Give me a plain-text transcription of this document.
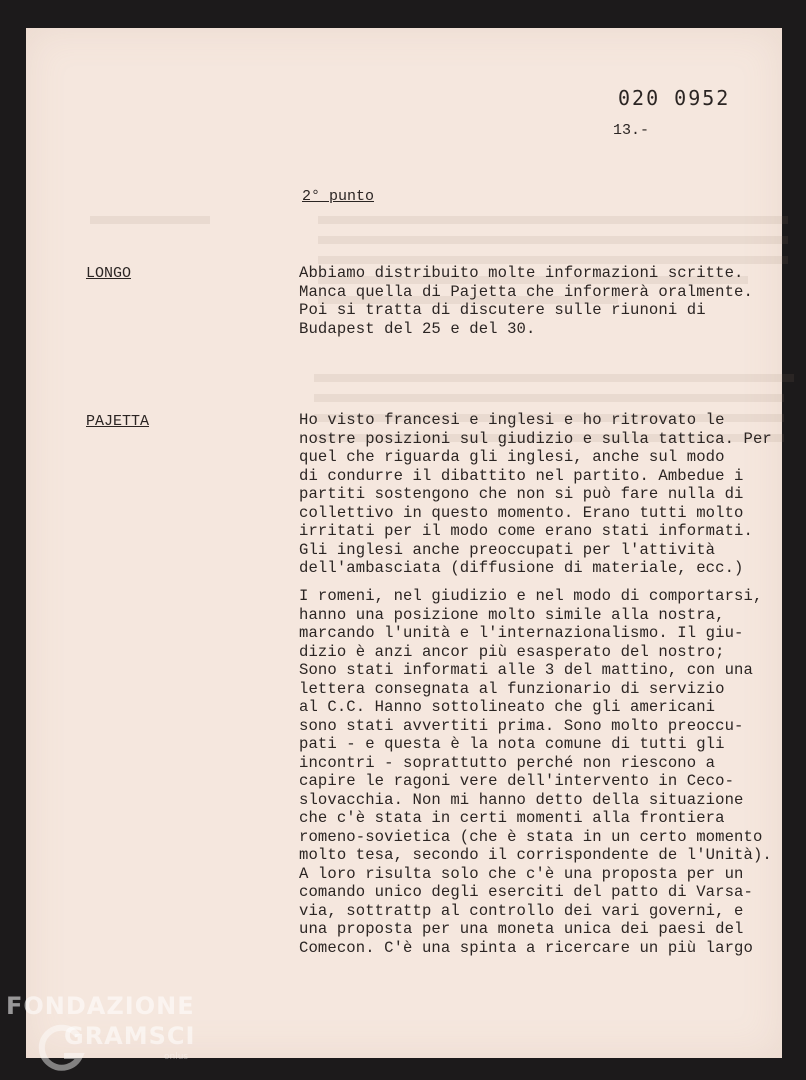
020 0952
13.-
2° punto
LONGO	Abbiamo distribuito molte informazioni scritte.
Manca quella di Pajetta che informerà oralmente.
Poi si tratta di discutere sulle riunoni di
Budapest del 25 e del 30.
PAJETTA	Ho visto francesi e inglesi e ho ritrovato le
nostre posizioni sul giudizio e sulla tattica. Per
quel che riguarda gli inglesi, anche sul modo
di condurre il dibattito nel partito. Ambedue i
partiti sostengono che non si può fare nulla di
collettivo in questo momento. Erano tutti molto
irritati per il modo come erano stati informati.
Gli inglesi anche preoccupati per l'attività
dell'ambasciata (diffusione di materiale, ecc.)
I romeni, nel giudizio e nel modo di comportarsi,
hanno una posizione molto simile alla nostra,
marcando l'unità e l'internazionalismo. Il giu-
dizio è anzi ancor più esasperato del nostro;
Sono stati informati alle 3 del mattino, con una
lettera consegnata al funzionario di servizio
al C.C. Hanno sottolineato che gli americani
sono stati avvertiti prima. Sono molto preoccu-
pati - e questa è la nota comune di tutti gli
incontri - soprattutto perché non riescono a
capire le ragoni vere dell'intervento in Ceco-
slovacchia. Non mi hanno detto della situazione
che c'è stata in certi momenti alla frontiera
romeno-sovietica (che è stata in un certo momento
molto tesa, secondo il corrispondente de l'Unità).
A loro risulta solo che c'è una proposta per un
comando unico degli eserciti del patto di Varsa-
via, sottrattp al controllo dei vari governi, e
una proposta per una moneta unica dei paesi del
Comecon. C'è una spinta a ricercare un più largo
FONDAZIONE
GRAMSCI
onlus
